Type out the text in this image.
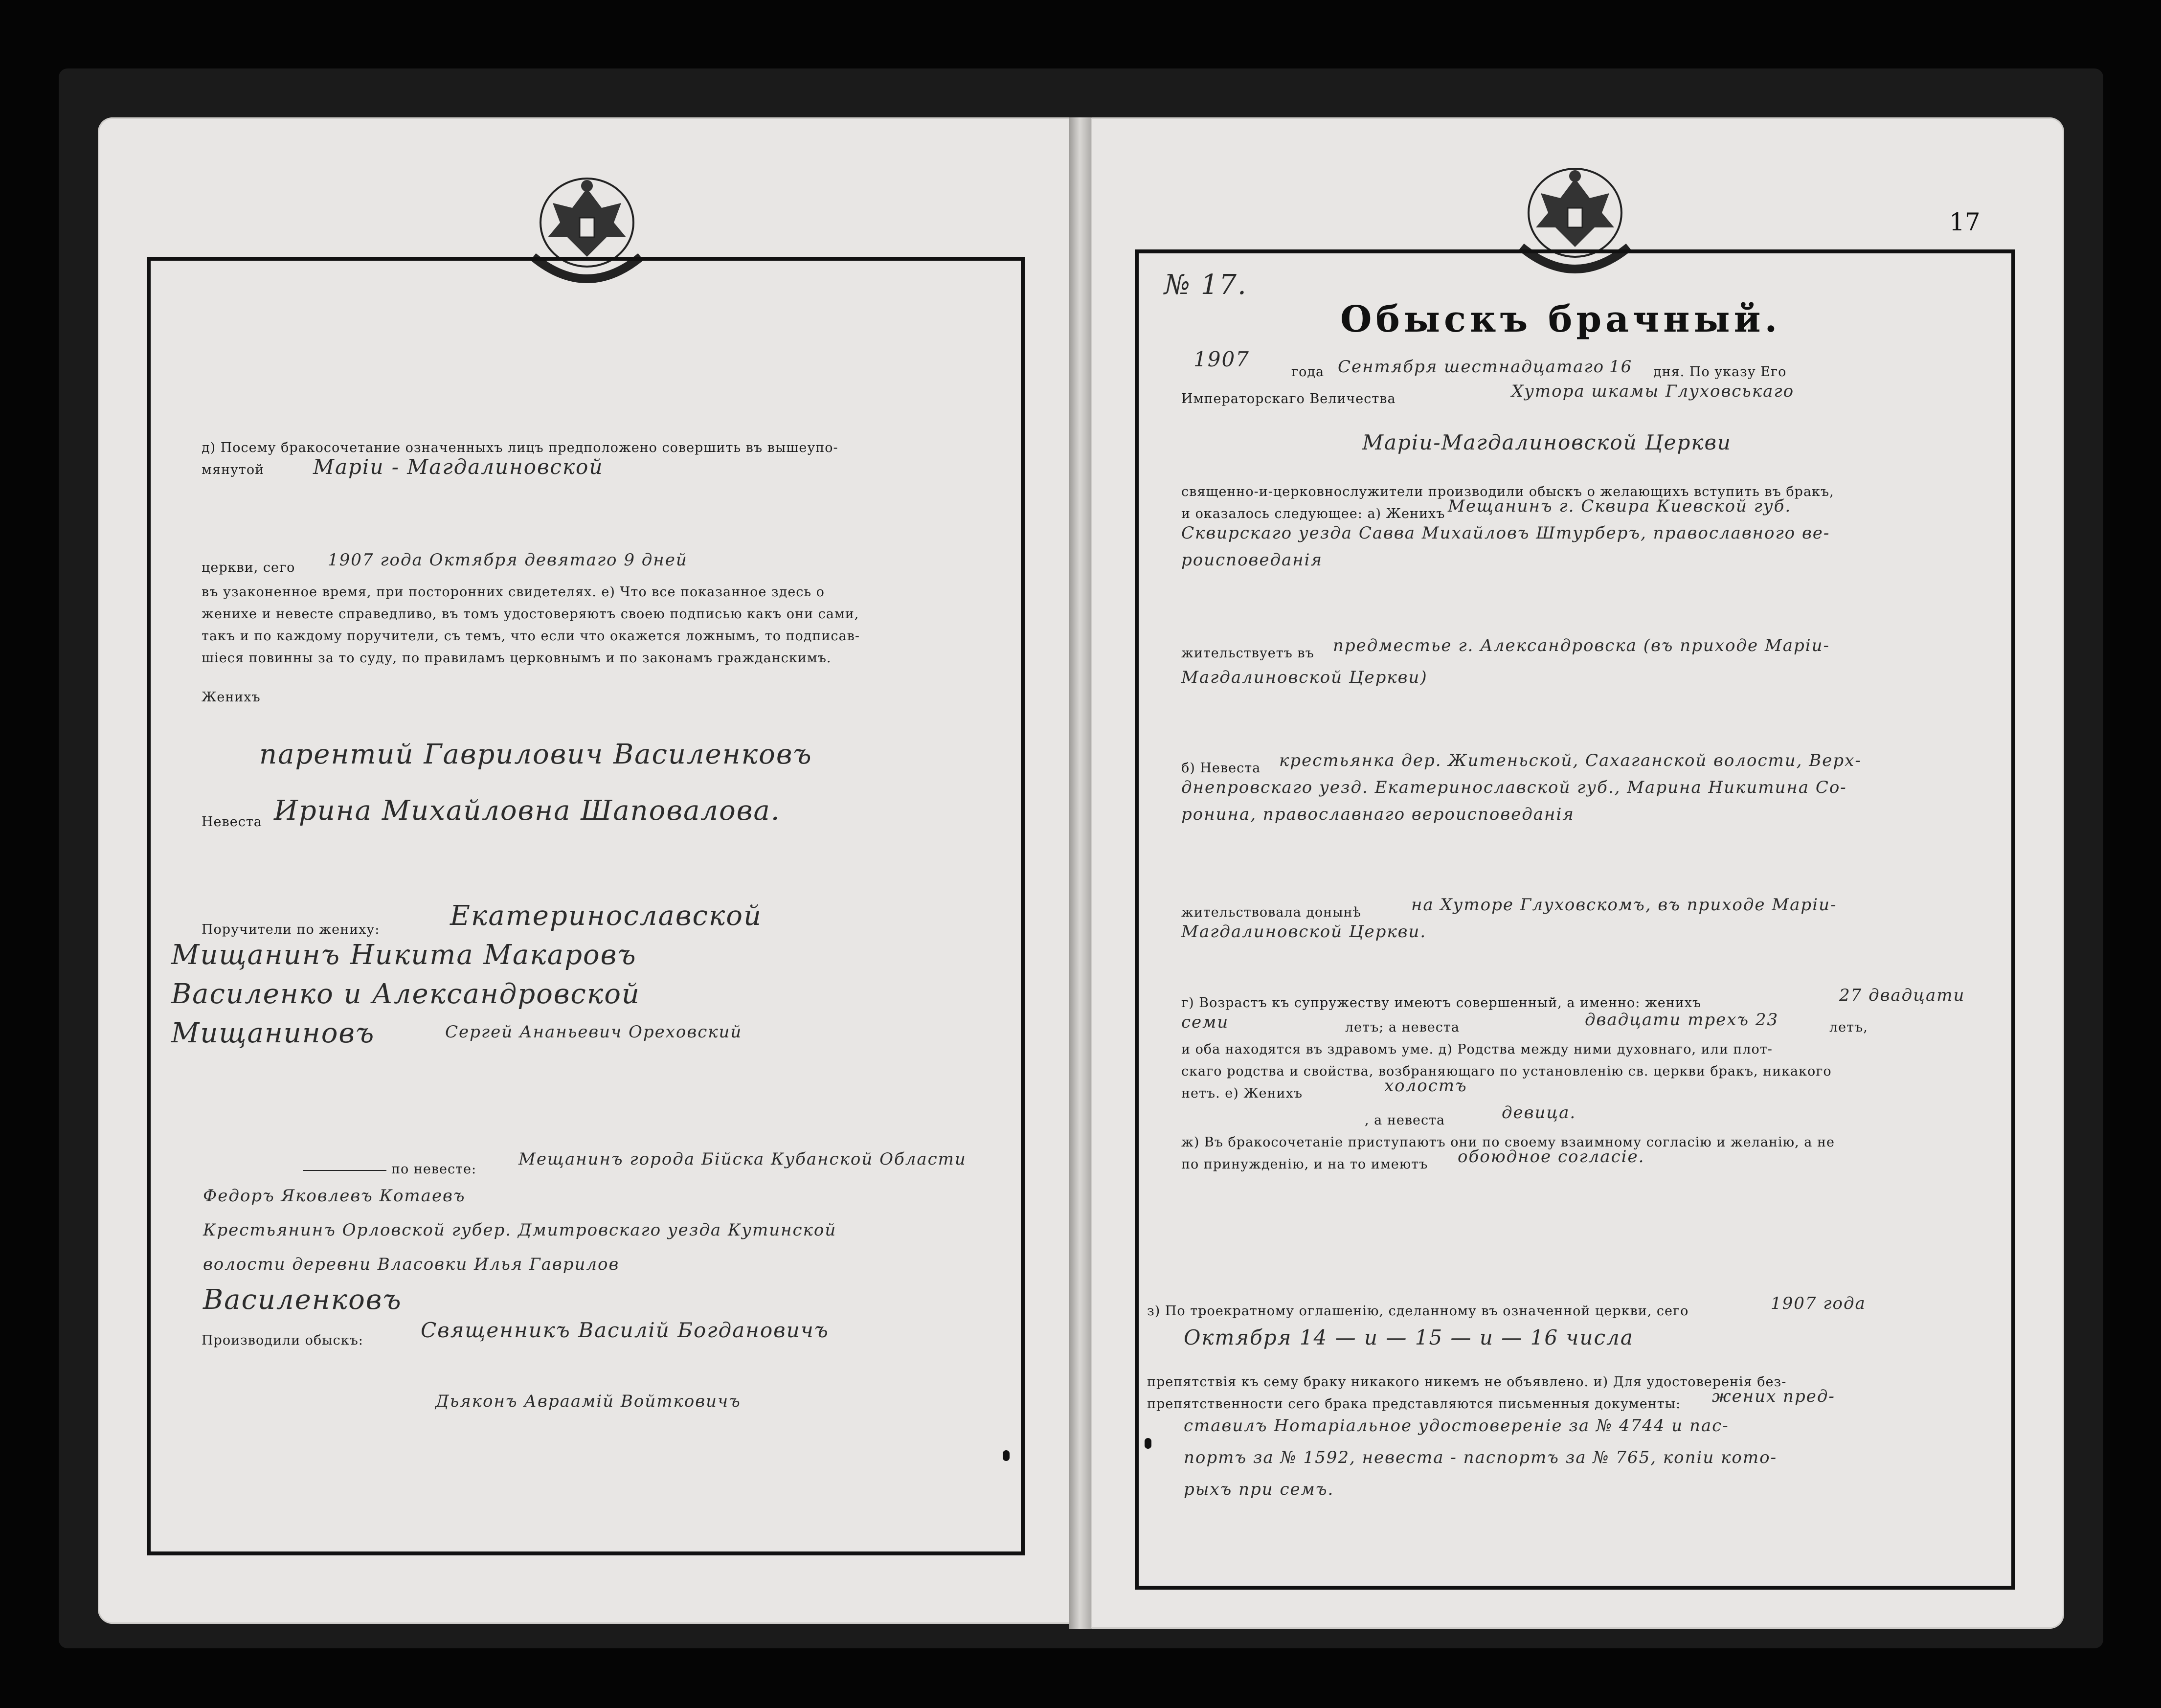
д) Посему бракосочетание означенныхъ лицъ предположено совершить въ вышеупо-
мянутой Марiи - Магдалиновской
церкви, сего 1907 года Октября девятаго 9 дней
въ узаконенное время, при посторонних свидетелях. е) Что все показанное здесь о
женихе и невесте справедливо, въ томъ удостоверяютъ своею подписью какъ они сами,
такъ и по каждому поручители, съ темъ, что если что окажется ложнымъ, то подписав-
шiеся повинны за то суду, по правиламъ церковнымъ и по законамъ гражданскимъ.
Женихъ
парентий Гаврилович Василенковъ
Невеста Ирина Михайловна Шаповалова.
Поручители по жениху:	Екатеринославской
Мищанинъ Никита Макаровъ
Василенко и Александровской
Мищаниновъ	Сергей Ананьевич Ореховский
по невесте:
Мещанинъ города Бiйска Кубанской Области
Федоръ Яковлевъ Котаевъ
Крестьянинъ Орловской губер. Дмитровскаго уезда Кутинской
волости деревни Власовки Илья Гаврилов
Василенковъ
Производили обыскъ:	Священникъ Василiй Богдановичъ
Дьяконъ Авраамiй Войтковичъ
17
№ 17.
Обыскъ брачный.
1907
года Сентября шестнадцатаго 16 дня. По указу Его
Императорскаго Величества	Хутора шкамы Глуховськаго
Марiи-Магдалиновской Церкви
священно-и-церковнослужители производили обыскъ о желающихъ вступить въ бракъ,
и оказалось следующее: а) Женихъ Мещанинъ г. Сквира Киевской губ.
Сквирскаго уезда Савва Михайловъ Штурберъ, православного ве-
роисповеданiя
жительствуетъ въ предместье г. Александровска (въ приходе Марiи-
Магдалиновской Церкви)
б) Невеста крестьянка дер. Житеньской, Сахаганской волости, Верх-
днепровскаго уезд. Екатеринославской губ., Марина Никитина Со-
ронина, православнаго вероисповеданiя
жительствовала донынѣ	на Хуторе Глуховскомъ, въ приходе Марiи-
Магдалиновской Церкви.
г) Возрастъ къ супружеству имеютъ совершенный, а именно: женихъ	27 двадцати
семи	летъ; а невеста	двадцати трехъ 23	летъ,
и оба находятся въ здравомъ уме. д) Родства между ними духовнаго, или плот-
скаго родства и свойства, возбраняющаго по установленiю св. церкви бракъ, никакого
нетъ. е) Женихъ	холостъ
, а невеста	девица.
ж) Въ бракосочетанiе приступаютъ они по своему взаимному согласiю и желанiю, а не
по принужденiю, и на то имеютъ обоюдное согласiе.
з) По троекратному оглашенiю, сделанному въ означенной церкви, сего	1907 года
Октября 14 — и — 15 — и — 16 числа
препятствiя къ сему браку никакого никемъ не объявлено. и) Для удостоверенiя без-
препятственности сего брака представляются письменныя документы: жених пред-
ставилъ Нотарiальное удостоверенiе за № 4744 и пас-
портъ за № 1592, невеста - паспортъ за № 765, копiи кото-
рыхъ при семъ.
